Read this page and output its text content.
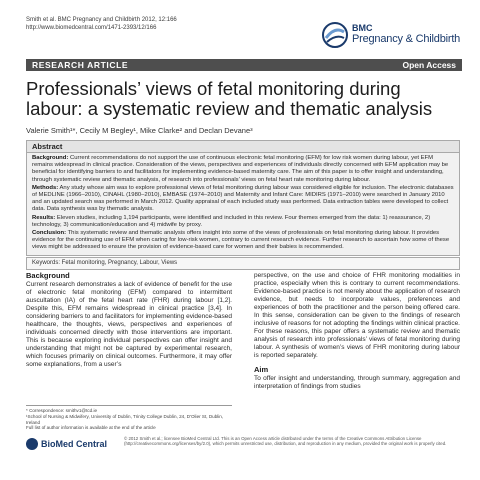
Smith et al. BMC Pregnancy and Childbirth 2012, 12:166
http://www.biomedcentral.com/1471-2393/12/166	BMC
Pregnancy & Childbirth
RESEARCH ARTICLE	Open Access
Professionals’ views of fetal monitoring during
labour: a systematic review and thematic analysis
Valerie Smith¹*, Cecily M Begley¹, Mike Clarke² and Declan Devane³
Abstract

Background: Current recommendations do not support the use of continuous electronic fetal monitoring (EFM) for low risk women during labour, yet EFM remains widespread in clinical practice. Consideration of the views, perspectives and experiences of individuals directly concerned with EFM application may be beneficial for identifying barriers to and facilitators for implementing evidence-based maternity care. The aim of this paper is to offer insight and understanding, through systematic review and thematic analysis, of research into professionals’ views on fetal heart rate monitoring during labour.

Methods: Any study whose aim was to explore professional views of fetal monitoring during labour was considered eligible for inclusion. The electronic databases of MEDLINE (1966–2010), CINAHL (1980–2010), EMBASE (1974–2010) and Maternity and Infant Care: MIDIRS (1971–2010) were searched in January 2010 and an updated search was performed in March 2012. Quality appraisal of each included study was performed. Data extraction tables were developed to collect data. Data synthesis was by thematic analysis.

Results: Eleven studies, including 1,194 participants, were identified and included in this review. Four themes emerged from the data: 1) reassurance, 2) technology, 3) communication/education and 4) midwife by proxy.

Conclusion: This systematic review and thematic analysis offers insight into some of the views of professionals on fetal monitoring during labour. It provides evidence for the continuing use of EFM when caring for low-risk women, contrary to current research evidence. Further research to ascertain how some of these views might be addressed to ensure the provision of evidence-based care for women and their babies is recommended.

Keywords: Fetal monitoring, Pregnancy, Labour, Views
Background

Current research demonstrates a lack of evidence of benefit for the use of electronic fetal monitoring (EFM) compared to intermittent auscultation (IA) of the fetal heart rate (FHR) during labour [1,2]. Despite this, EFM remains widespread in clinical practice [3,4]. In considering barriers to and facilitators for implementing evidence-based healthcare, the thoughts, views, perspectives and experiences of individuals concerned directly with those interventions are important. This is because exploring individual perspectives can offer insight and understanding that might not be captured by experimental research, which focuses primarily on clinical outcomes. Furthermore, it may offer some explanations, from a user’s

perspective, on the use and choice of FHR monitoring modalities in practice, especially when this is contrary to current recommendations. Evidence-based practice is not merely about the application of research evidence, but needs to incorporate values, preferences and experiences of both the practitioner and the person being offered care. In this sense, consideration can be given to the findings of research inclusive of reasons for not adopting the findings within clinical practice. For these reasons, this paper offers a systematic review and thematic analysis of research into professionals’ views of fetal monitoring during labour. A synthesis of women’s views of FHR monitoring during labour is reported separately.

Aim

To offer insight and understanding, through summary, aggregation and interpretation of findings from studies

* Correspondence: smithv1@tcd.ie
¹School of Nursing & Midwifery, University of Dublin, Trinity College Dublin, 24, D'Olier St, Dublin, Ireland
Full list of author information is available at the end of the article
BioMed Central
© 2012 Smith et al.; licensee BioMed Central Ltd. This is an Open Access article distributed under the terms of the Creative Commons Attribution License (http://creativecommons.org/licenses/by/2.0), which permits unrestricted use, distribution, and reproduction in any medium, provided the original work is properly cited.
